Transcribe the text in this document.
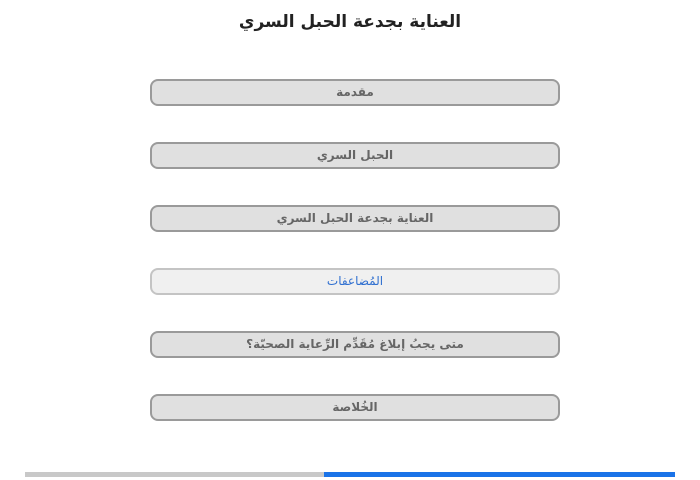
العناية بجدعة الحبل السري
مقدمة
الحبل السري
العناية بجدعة الحبل السري
المُضاعفات
متى يجبُ إبلاغ مُقَدِّم الرِّعاية الصحيّة؟
الخُلاصة
